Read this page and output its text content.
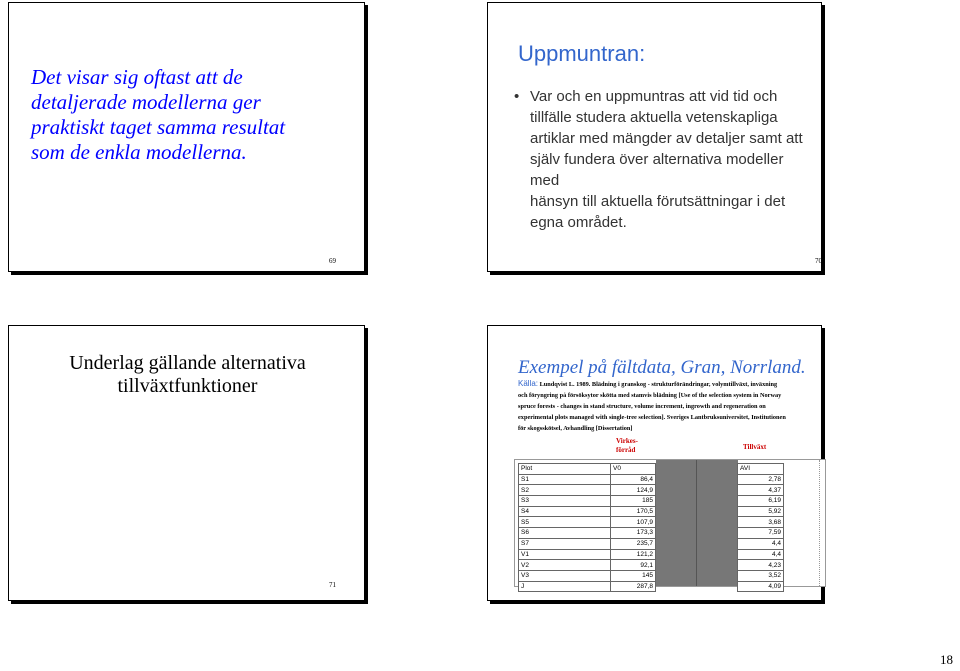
Det visar sig oftast att de
detaljerade modellerna ger
praktiskt taget samma resultat
som de enkla modellerna.
69
Uppmuntran:
• Var och en uppmuntras att vid tid och
tillfälle studera aktuella vetenskapliga
artiklar med mängder av detaljer samt att
själv fundera över alternativa modeller med
hänsyn till aktuella förutsättningar i det
egna området.
70
Underlag gällande alternativa
tillväxtfunktioner
71
Exempel på fältdata, Gran, Norrland.
Källa: Lundqvist L. 1989. Blädning i granskog - strukturförändringar, volymtillväxt, inväxning
och föryngring på försöksytor skötta med stamvis blädning [Use of the selection system in Norway
spruce forests - changes in stand structure, volume increment, ingrowth and regeneration on
experimental plots managed with single-tree selection]. Sveriges Lantbruksuniversitet, Institutionen
för skogsskötsel, Avhandling [Dissertation]
Virkes-
förråd	Tillväxt
Plot	V0		AVI
S1	86,4		2,78
S2	124,9		4,37
S3	185		6,19
S4	170,5		5,92
S5	107,9		3,68
S6	173,3		7,59
S7	235,7		4,4
V1	121,2		4,4
V2	92,1		4,23
V3	145		3,52
J	287,8		4,09
18
